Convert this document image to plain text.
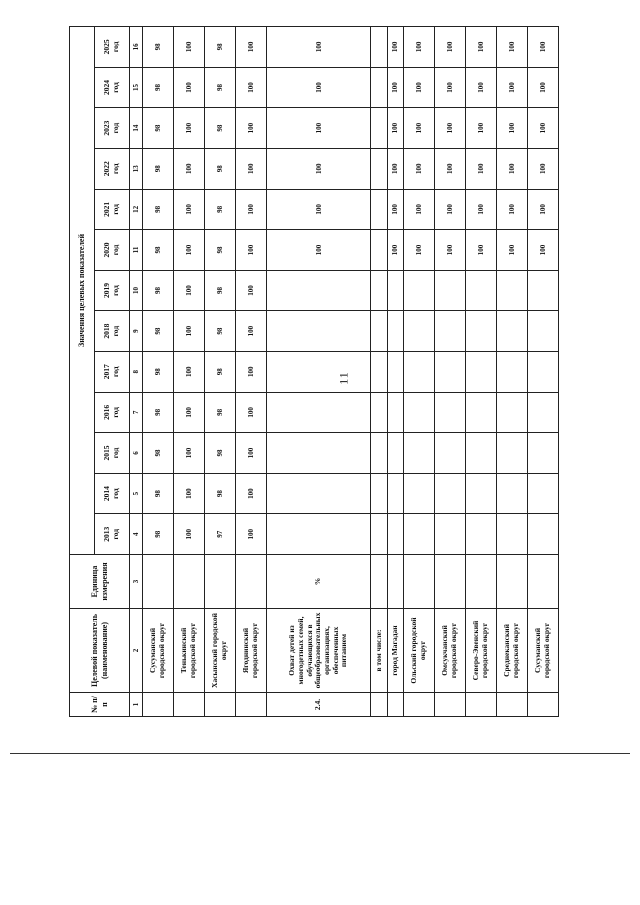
11
№ п/п	Целевой показатель (наименование)	Единица измерения	Значения целевых показателей												

			2013 год	2014 год	2015 год	2016 год	2017 год	2018 год	2019 год	2020 год	2021 год	2022 год	2023 год	2024 год	2025 год

1	2	3	4	5	6	7	8	9	10	11	12	13	14	15	16
	Сусуманский городской округ		98	98	98	98	98	98	98	98	98	98	98	98	98
	Тенькинский городской округ		100	100	100	100	100	100	100	100	100	100	100	100	100
	Хасынский городской округ		97	98	98	98	98	98	98	98	98	98	98	98	98
	Ягоднинский городской округ		100	100	100	100	100	100	100	100	100	100	100	100	100
2.4.	Охват детей из многодетных семей, обучающихся в общеобразовательных организациях, обеспеченных питанием	%								100	100	100	100	100	100
	в том числе:														
	город Магадан									100	100	100	100	100	100
	Ольский городской округ									100	100	100	100	100	100
	Омсукчанский городской округ									100	100	100	100	100	100
	Северо-Эвенский городской округ									100	100	100	100	100	100
	Среднеканский городской округ									100	100	100	100	100	100
	Сусуманский городской округ									100	100	100	100	100	100
